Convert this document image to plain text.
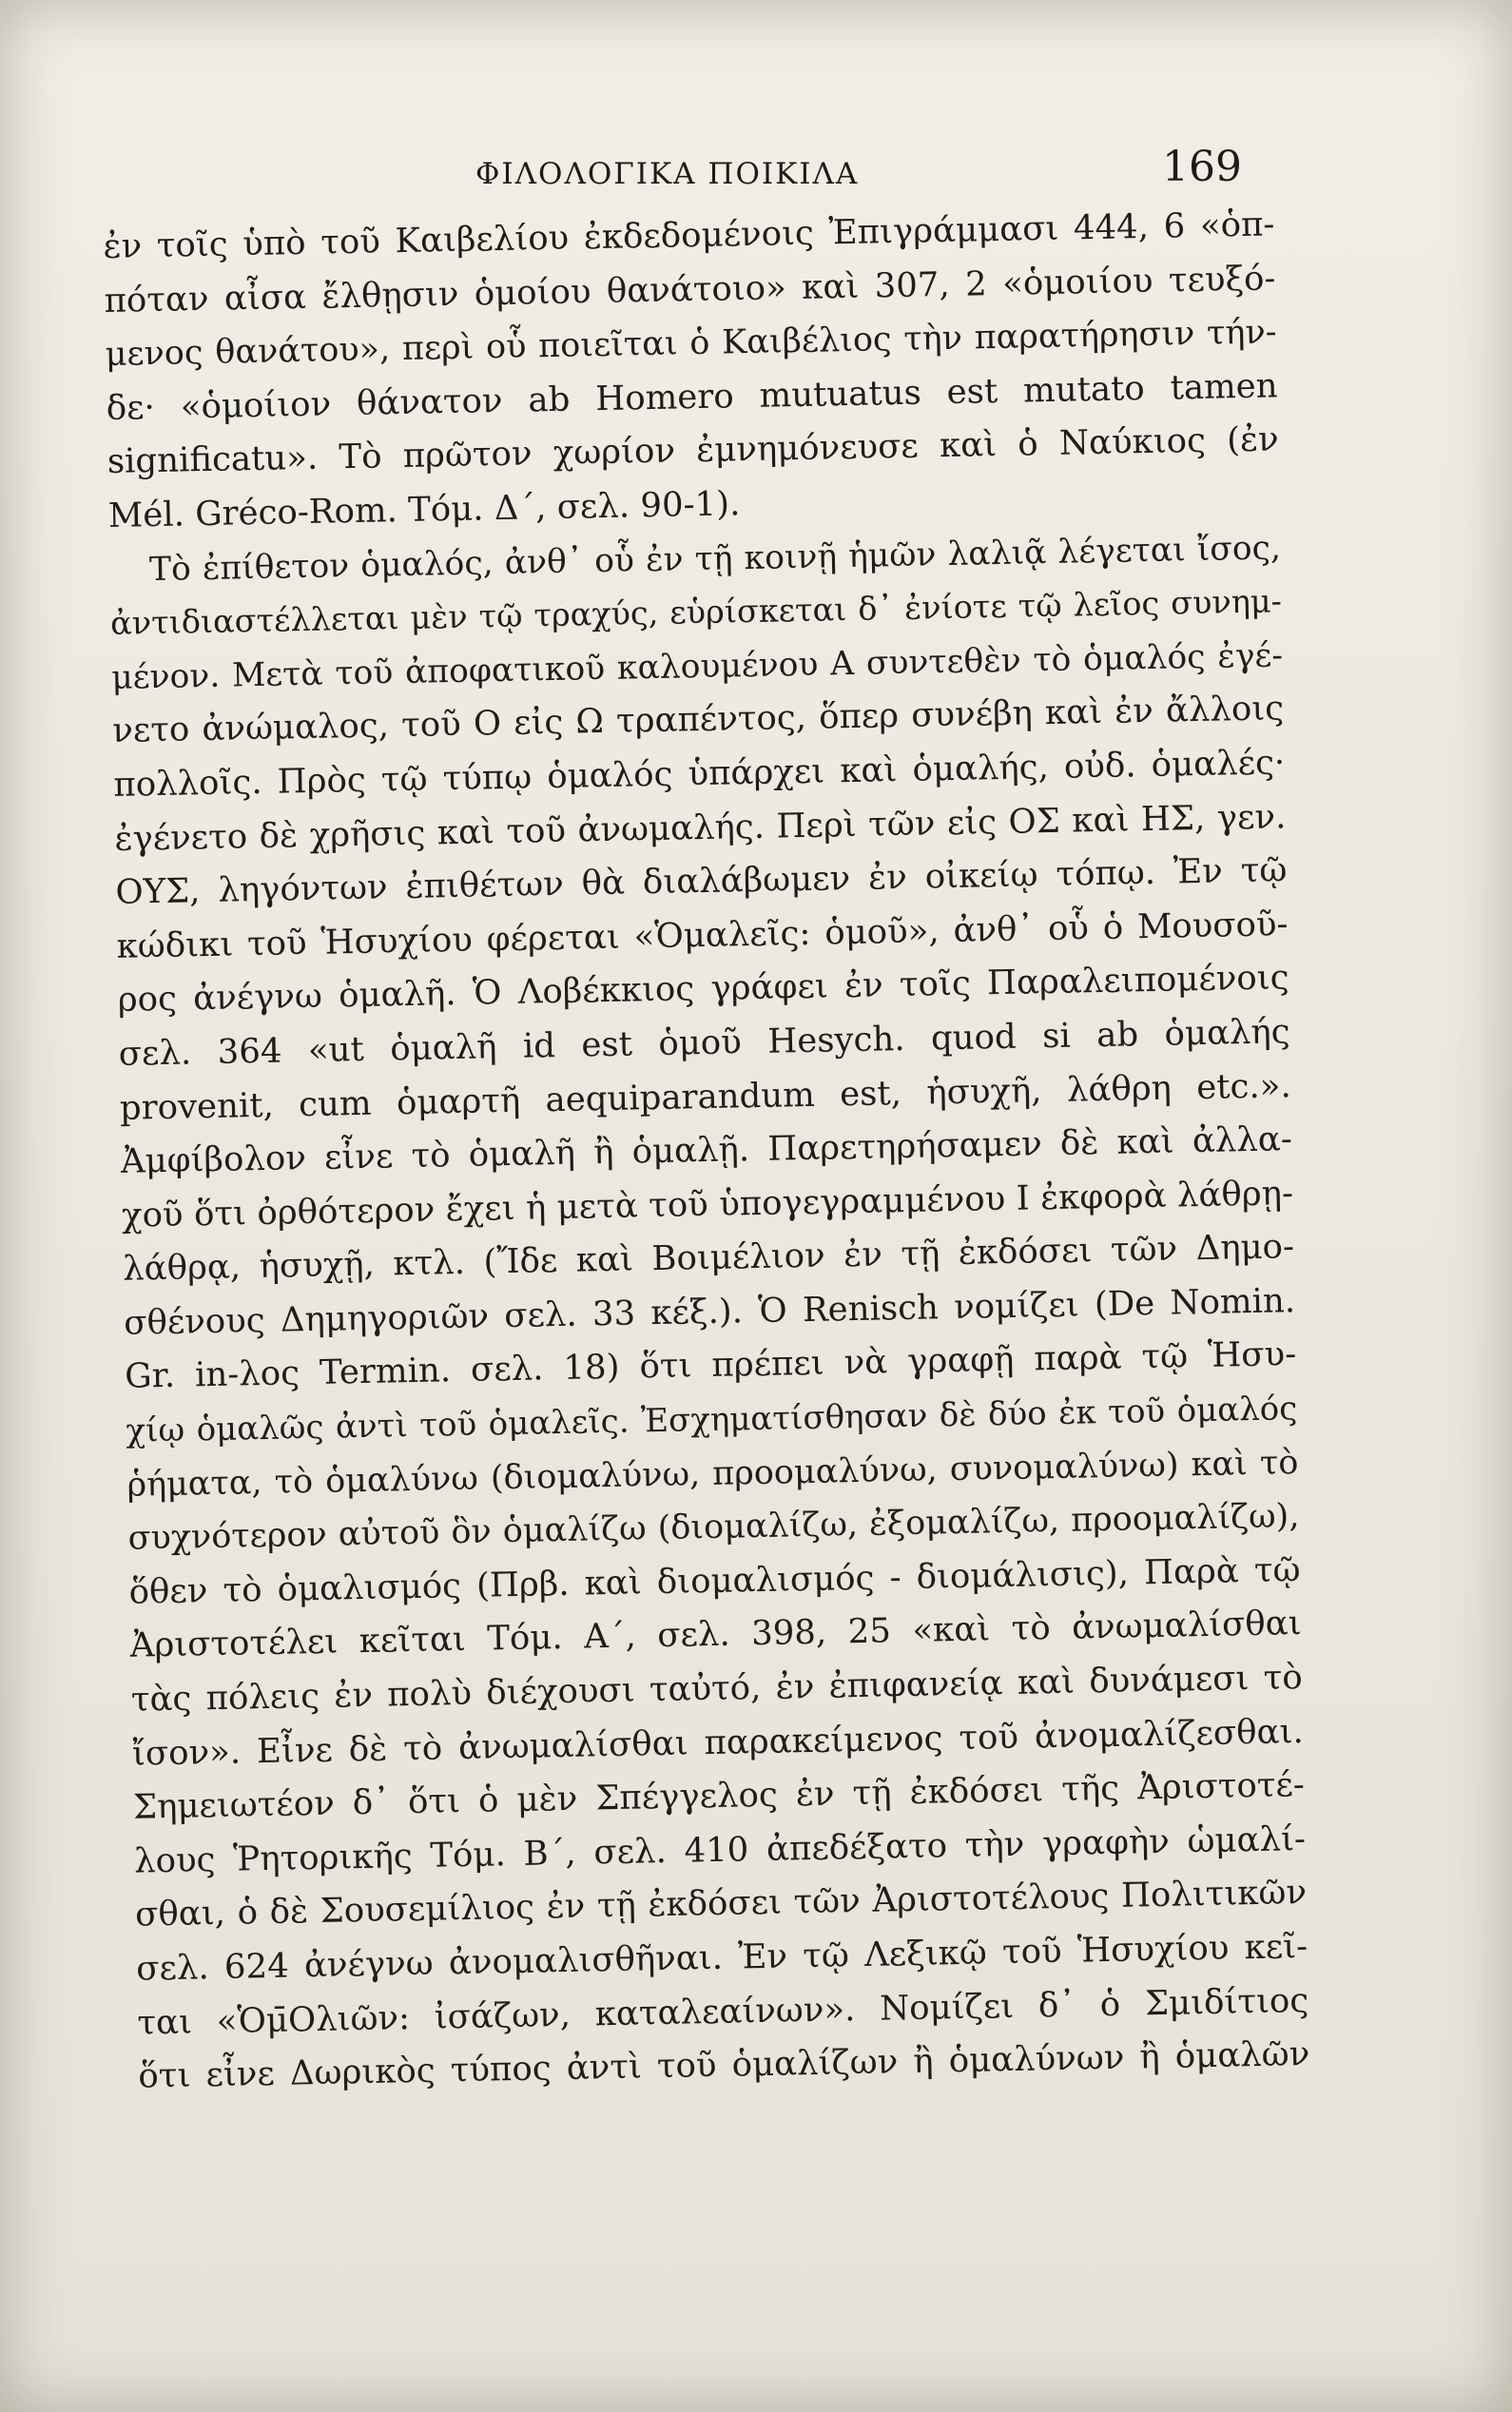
ΦΙΛΟΛΟΓΙΚΑ ΠΟΙΚΙΛΑ	169
ἐν τοῖς ὑπὸ τοῦ Καιβελίου ἐκδεδομένοις Ἐπιγράμμασι 444, 6 «ὁπ-
πόταν αἶσα ἔλθῃσιν ὁμοίου θανάτοιο» καὶ 307, 2 «ὁμοιίου τευξό-
μενος θανάτου», περὶ οὗ ποιεῖται ὁ Καιβέλιος τὴν παρατήρησιν τήν-
δε· «ὁμοίιον θάνατον ab Homero mutuatus est mutato tamen
significatu». Τὸ πρῶτον χωρίον ἐμνημόνευσε καὶ ὁ Ναύκιος (ἐν
Mél. Gréco-Rom. Τόμ. Δ΄, σελ. 90-1).
Τὸ ἐπίθετον ὁμαλός, ἀνθ᾽ οὗ ἐν τῇ κοινῇ ἡμῶν λαλιᾷ λέγεται ἴσος,
ἀντιδιαστέλλεται μὲν τῷ τραχύς, εὑρίσκεται δ᾽ ἐνίοτε τῷ λεῖος συνημ-
μένον. Μετὰ τοῦ ἀποφατικοῦ καλουμένου Α συντεθὲν τὸ ὁμαλός ἐγέ-
νετο ἀνώμαλος, τοῦ Ο εἰς Ω τραπέντος, ὅπερ συνέβη καὶ ἐν ἄλλοις
πολλοῖς. Πρὸς τῷ τύπῳ ὁμαλός ὑπάρχει καὶ ὁμαλής, οὐδ. ὁμαλές·
ἐγένετο δὲ χρῆσις καὶ τοῦ ἀνωμαλής. Περὶ τῶν εἰς ΟΣ καὶ ΗΣ, γεν.
ΟΥΣ, ληγόντων ἐπιθέτων θὰ διαλάβωμεν ἐν οἰκείῳ τόπῳ. Ἐν τῷ
κώδικι τοῦ Ἡσυχίου φέρεται «Ὁμαλεῖς: ὁμοῦ», ἀνθ᾽ οὗ ὁ Μουσοῦ-
ρος ἀνέγνω ὁμαλῆ. Ὁ Λοβέκκιος γράφει ἐν τοῖς Παραλειπομένοις
σελ. 364 «ut ὁμαλῆ id est ὁμοῦ Hesych. quod si ab ὁμαλής
provenit, cum ὁμαρτῆ aequiparandum est, ἡσυχῆ, λάθρη etc.».
Ἀμφίβολον εἶνε τὸ ὁμαλῆ ἢ ὁμαλῇ. Παρετηρήσαμεν δὲ καὶ ἀλλα-
χοῦ ὅτι ὀρθότερον ἔχει ἡ μετὰ τοῦ ὑπογεγραμμένου Ι ἐκφορὰ λάθρῃ-
λάθρᾳ, ἡσυχῇ, κτλ. (Ἴδε καὶ Βοιμέλιον ἐν τῇ ἐκδόσει τῶν Δημο-
σθένους Δημηγοριῶν σελ. 33 κέξ.). Ὁ Renisch νομίζει (De Nomin.
Gr. in-λος Termin. σελ. 18) ὅτι πρέπει νὰ γραφῇ παρὰ τῷ Ἡσυ-
χίῳ ὁμαλῶς ἀντὶ τοῦ ὁμαλεῖς. Ἐσχηματίσθησαν δὲ δύο ἐκ τοῦ ὁμαλός
ῥήματα, τὸ ὁμαλύνω (διομαλύνω, προομαλύνω, συνομαλύνω) καὶ τὸ
συχνότερον αὐτοῦ ὃν ὁμαλίζω (διομαλίζω, ἐξομαλίζω, προομαλίζω),
ὅθεν τὸ ὁμαλισμός (Πρβ. καὶ διομαλισμός - διομάλισις), Παρὰ τῷ
Ἀριστοτέλει κεῖται Τόμ. Α΄, σελ. 398, 25 «καὶ τὸ ἀνωμαλίσθαι
τὰς πόλεις ἐν πολὺ διέχουσι ταὐτό, ἐν ἐπιφανείᾳ καὶ δυνάμεσι τὸ
ἴσον». Εἶνε δὲ τὸ ἀνωμαλίσθαι παρακείμενος τοῦ ἀνομαλίζεσθαι.
Σημειωτέον δ᾽ ὅτι ὁ μὲν Σπέγγελος ἐν τῇ ἐκδόσει τῆς Ἀριστοτέ-
λους Ῥητορικῆς Τόμ. Β΄, σελ. 410 ἀπεδέξατο τὴν γραφὴν ὡμαλί-
σθαι, ὁ δὲ Σουσεμίλιος ἐν τῇ ἐκδόσει τῶν Ἀριστοτέλους Πολιτικῶν
σελ. 624 ἀνέγνω ἀνομαλισθῆναι. Ἐν τῷ Λεξικῷ τοῦ Ἡσυχίου κεῖ-
ται «Ὁμ̄Ολιῶν: ἰσάζων, καταλεαίνων». Νομίζει δ᾽ ὁ Σμιδίτιος
ὅτι εἶνε Δωρικὸς τύπος ἀντὶ τοῦ ὁμαλίζων ἢ ὁμαλύνων ἢ ὁμαλῶν
